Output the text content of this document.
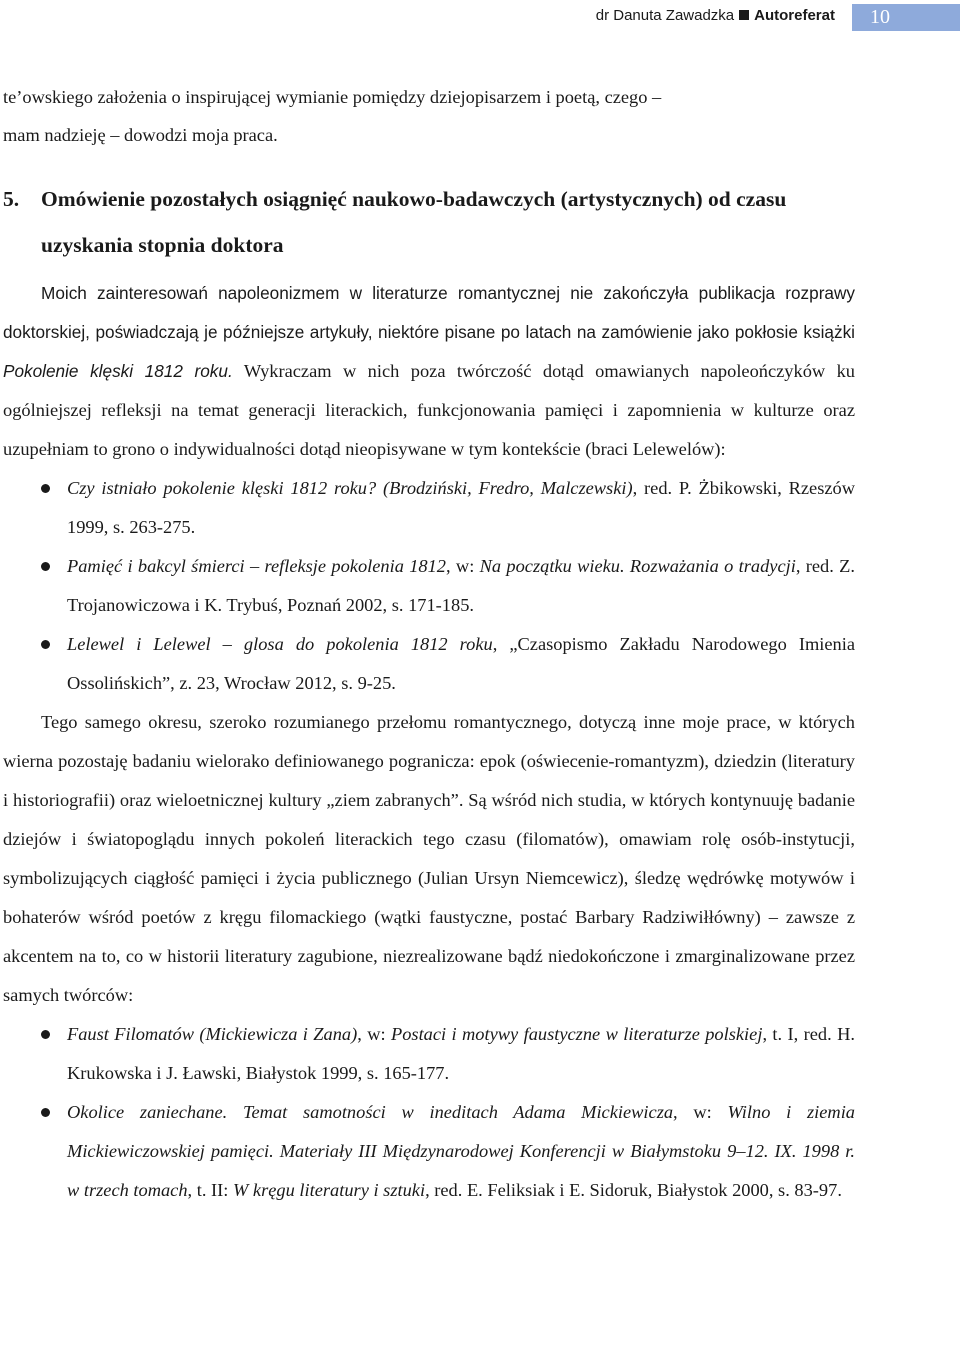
dr Danuta Zawadzka Autoreferat	10
te’owskiego założenia o inspirującej wymianie pomiędzy dziejopisarzem i poetą, czego –
mam nadzieję – dowodzi moja praca.
5. Omówienie pozostałych osiągnięć naukowo-badawczych (artystycznych) od czasu uzyskania stopnia doktora

Moich zainteresowań napoleonizmem w literaturze romantycznej nie zakończyła publikacja rozprawy doktorskiej, poświadczają je późniejsze artykuły, niektóre pisane po latach na zamówienie jako pokłosie książki Pokolenie klęski 1812 roku. Wykraczam w nich poza twórczość dotąd omawianych napoleończyków ku ogólniejszej refleksji na temat generacji literackich, funkcjonowania pamięci i zapomnienia w kulturze oraz uzupełniam to grono o indywidualności dotąd nieopisywane w tym kontekście (braci Lelewelów):

Czy istniało pokolenie klęski 1812 roku? (Brodziński, Fredro, Malczewski), red. P. Żbikowski, Rzeszów 1999, s. 263-275.
Pamięć i bakcyl śmierci – refleksje pokolenia 1812, w: Na początku wieku. Rozważania o tradycji, red. Z. Trojanowiczowa i K. Trybuś, Poznań 2002, s. 171-185.
Lelewel i Lelewel – glosa do pokolenia 1812 roku, „Czasopismo Zakładu Narodowego Imienia Ossolińskich”, z. 23, Wrocław 2012, s. 9-25.

Tego samego okresu, szeroko rozumianego przełomu romantycznego, dotyczą inne moje prace, w których wierna pozostaję badaniu wielorako definiowanego pogranicza: epok (oświecenie-romantyzm), dziedzin (literatury i historiografii) oraz wieloetnicznej kultury „ziem zabranych”. Są wśród nich studia, w których kontynuuję badanie dziejów i światopoglądu innych pokoleń literackich tego czasu (filomatów), omawiam rolę osób-instytucji, symbolizujących ciągłość pamięci i życia publicznego (Julian Ursyn Niemcewicz), śledzę wędrówkę motywów i bohaterów wśród poetów z kręgu filomackiego (wątki faustyczne, postać Barbary Radziwiłłówny) – zawsze z akcentem na to, co w historii literatury zagubione, niezrealizowane bądź niedokończone i zmarginalizowane przez samych twórców:

Faust Filomatów (Mickiewicza i Zana), w: Postaci i motywy faustyczne w literaturze polskiej, t. I, red. H. Krukowska i J. Ławski, Białystok 1999, s. 165-177.
Okolice zaniechane. Temat samotności w ineditach Adama Mickiewicza, w: Wilno i ziemia Mickiewiczowskiej pamięci. Materiały III Międzynarodowej Konferencji w Białymstoku 9–12. IX. 1998 r. w trzech tomach, t. II: W kręgu literatury i sztuki, red. E. Feliksiak i E. Sidoruk, Białystok 2000, s. 83-97.
